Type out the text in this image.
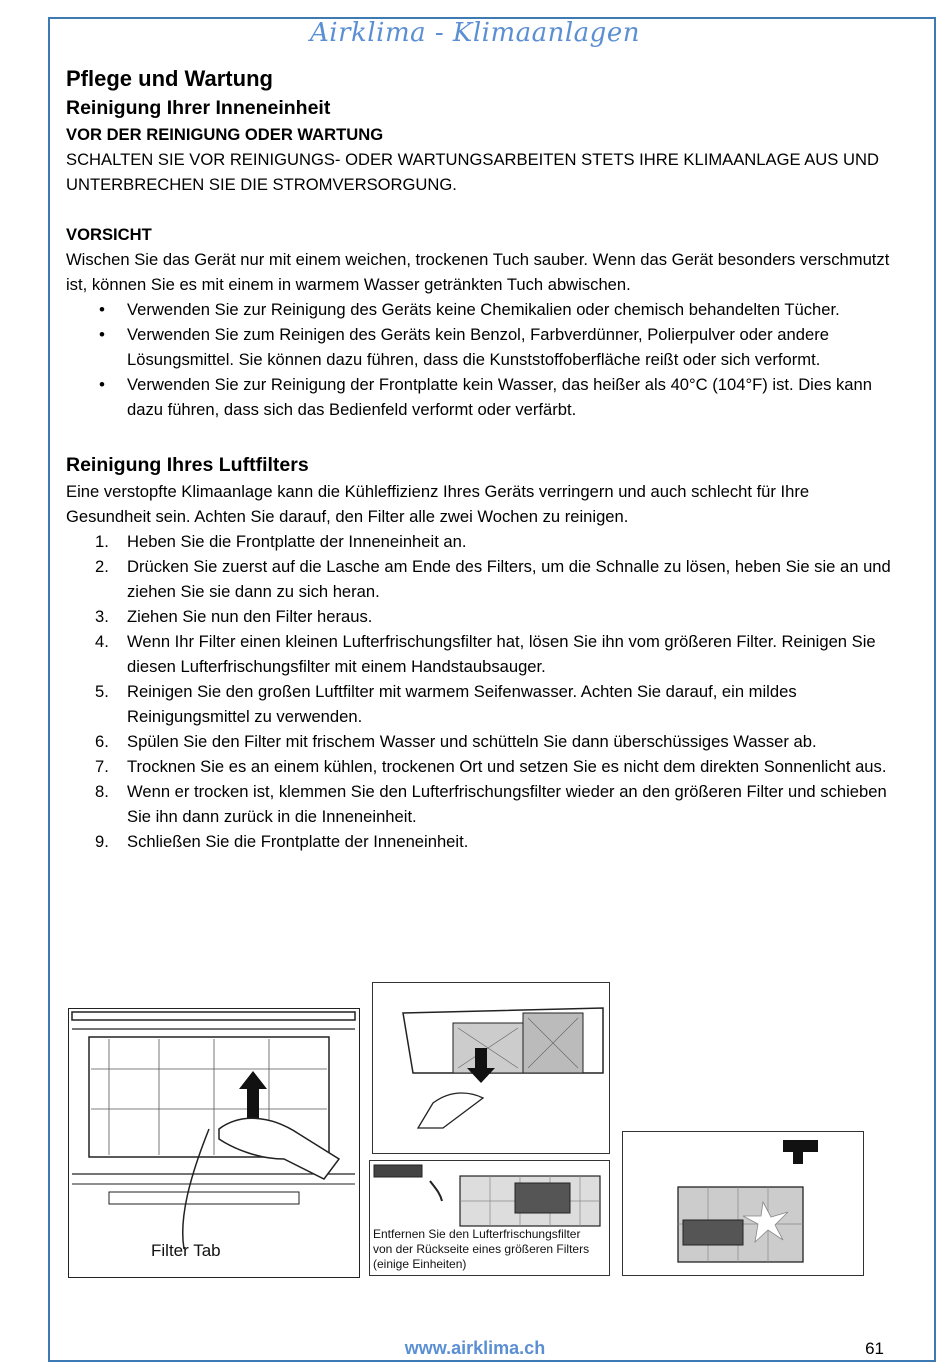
Airklima - Klimaanlagen
Pflege und Wartung
Reinigung Ihrer Inneneinheit

VOR DER REINIGUNG ODER WARTUNG

SCHALTEN SIE VOR REINIGUNGS- ODER WARTUNGSARBEITEN STETS IHRE KLIMAANLAGE AUS UND UNTERBRECHEN SIE DIE STROMVERSORGUNG.

VORSICHT

Wischen Sie das Gerät nur mit einem weichen, trockenen Tuch sauber. Wenn das Gerät besonders verschmutzt ist, können Sie es mit einem in warmem Wasser getränkten Tuch abwischen.

• Verwenden Sie zur Reinigung des Geräts keine Chemikalien oder chemisch behandelten Tücher.
• Verwenden Sie zum Reinigen des Geräts kein Benzol, Farbverdünner, Polierpulver oder andere Lösungsmittel. Sie können dazu führen, dass die Kunststoffoberfläche reißt oder sich verformt.
• Verwenden Sie zur Reinigung der Frontplatte kein Wasser, das heißer als 40°C (104°F) ist. Dies kann dazu führen, dass sich das Bedienfeld verformt oder verfärbt.
Reinigung Ihres Luftfilters

Eine verstopfte Klimaanlage kann die Kühleffizienz Ihres Geräts verringern und auch schlecht für Ihre Gesundheit sein. Achten Sie darauf, den Filter alle zwei Wochen zu reinigen.

1. Heben Sie die Frontplatte der Inneneinheit an.
2. Drücken Sie zuerst auf die Lasche am Ende des Filters, um die Schnalle zu lösen, heben Sie sie an und ziehen Sie sie dann zu sich heran.
3. Ziehen Sie nun den Filter heraus.
4. Wenn Ihr Filter einen kleinen Lufterfrischungsfilter hat, lösen Sie ihn vom größeren Filter. Reinigen Sie diesen Lufterfrischungsfilter mit einem Handstaubsauger.
5. Reinigen Sie den großen Luftfilter mit warmem Seifenwasser. Achten Sie darauf, ein mildes Reinigungsmittel zu verwenden.
6. Spülen Sie den Filter mit frischem Wasser und schütteln Sie dann überschüssiges Wasser ab.
7. Trocknen Sie es an einem kühlen, trockenen Ort und setzen Sie es nicht dem direkten Sonnenlicht aus.
8. Wenn er trocken ist, klemmen Sie den Lufterfrischungsfilter wieder an den größeren Filter und schieben Sie ihn dann zurück in die Inneneinheit.
9. Schließen Sie die Frontplatte der Inneneinheit.
Filter Tab
Entfernen Sie den Lufterfrischungsfilter
von der Rückseite eines größeren Filters
(einige Einheiten)
www.airklima.ch	61
